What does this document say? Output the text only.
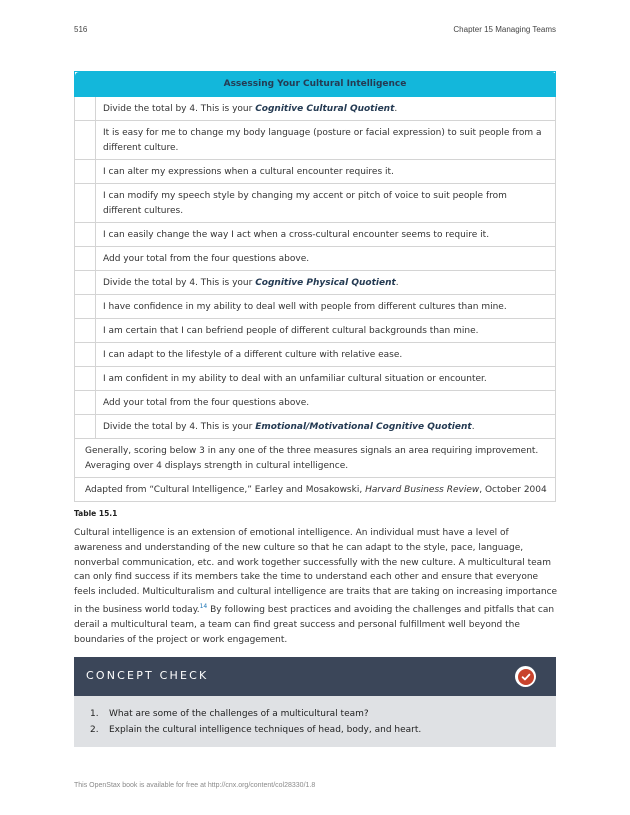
516	Chapter 15 Managing Teams
Assessing Your Cultural Intelligence	
	Divide the total by 4. This is your Cognitive Cultural Quotient.
	It is easy for me to change my body language (posture or facial expression) to suit people from a different culture.
	I can alter my expressions when a cultural encounter requires it.
	I can modify my speech style by changing my accent or pitch of voice to suit people from different cultures.
	I can easily change the way I act when a cross-cultural encounter seems to require it.
	Add your total from the four questions above.
	Divide the total by 4. This is your Cognitive Physical Quotient.
	I have confidence in my ability to deal well with people from different cultures than mine.
	I am certain that I can befriend people of different cultural backgrounds than mine.
	I can adapt to the lifestyle of a different culture with relative ease.
	I am confident in my ability to deal with an unfamiliar cultural situation or encounter.
	Add your total from the four questions above.
	Divide the total by 4. This is your Emotional/Motivational Cognitive Quotient.
Generally, scoring below 3 in any one of the three measures signals an area requiring improvement. Averaging over 4 displays strength in cultural intelligence.	
Adapted from “Cultural Intelligence,” Earley and Mosakowski, Harvard Business Review, October 2004	
Table 15.1

Cultural intelligence is an extension of emotional intelligence. An individual must have a level of awareness and understanding of the new culture so that he can adapt to the style, pace, language, nonverbal communication, etc. and work together successfully with the new culture. A multicultural team can only find success if its members take the time to understand each other and ensure that everyone feels included. Multiculturalism and cultural intelligence are traits that are taking on increasing importance in the business world today.$^{14}$ By following best practices and avoiding the challenges and pitfalls that can derail a multicultural team, a team can find great success and personal fulfillment well beyond the boundaries of the project or work engagement.

CONCEPT CHECK
1. What are some of the challenges of a multicultural team?
2. Explain the cultural intelligence techniques of head, body, and heart.
This OpenStax book is available for free at http://cnx.org/content/col28330/1.8
